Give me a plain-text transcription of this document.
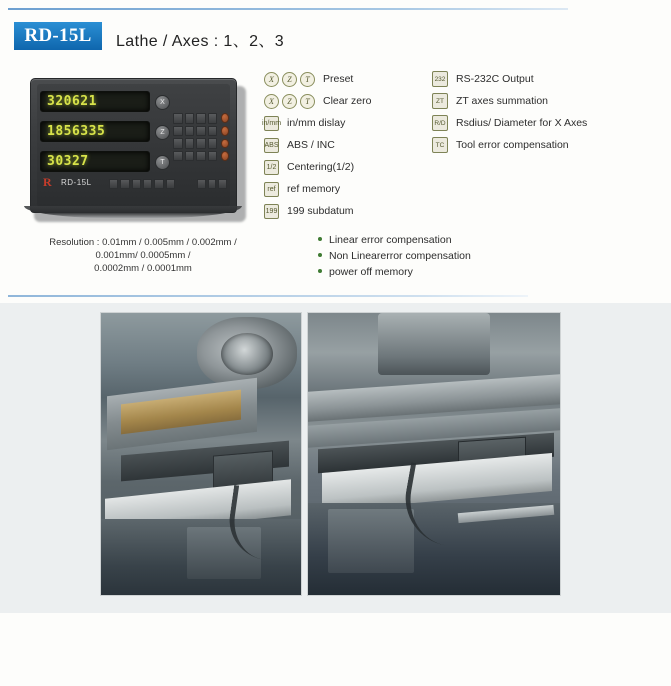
RD-15L	Lathe / Axes : 1、2、3
320621	X
1856335	Z
30327	T
R RD-15L
Resolution : 0.01mm / 0.005mm / 0.002mm /
0.001mm/ 0.0005mm /
0.0002mm / 0.0001mm
X	Z	T	Preset
X	Z	T	Clear zero
in/mm in/mm dislay
ABS ABS / INC
1/2 Centering(1/2)
ref	ref memory
199 199 subdatum
232 RS-232C Output
ZT	ZT axes summation
R/D Rsdius/ Diameter for X Axes
TC	Tool error compensation
Linear error compensation
Non Linearerror compensation
power off memory
